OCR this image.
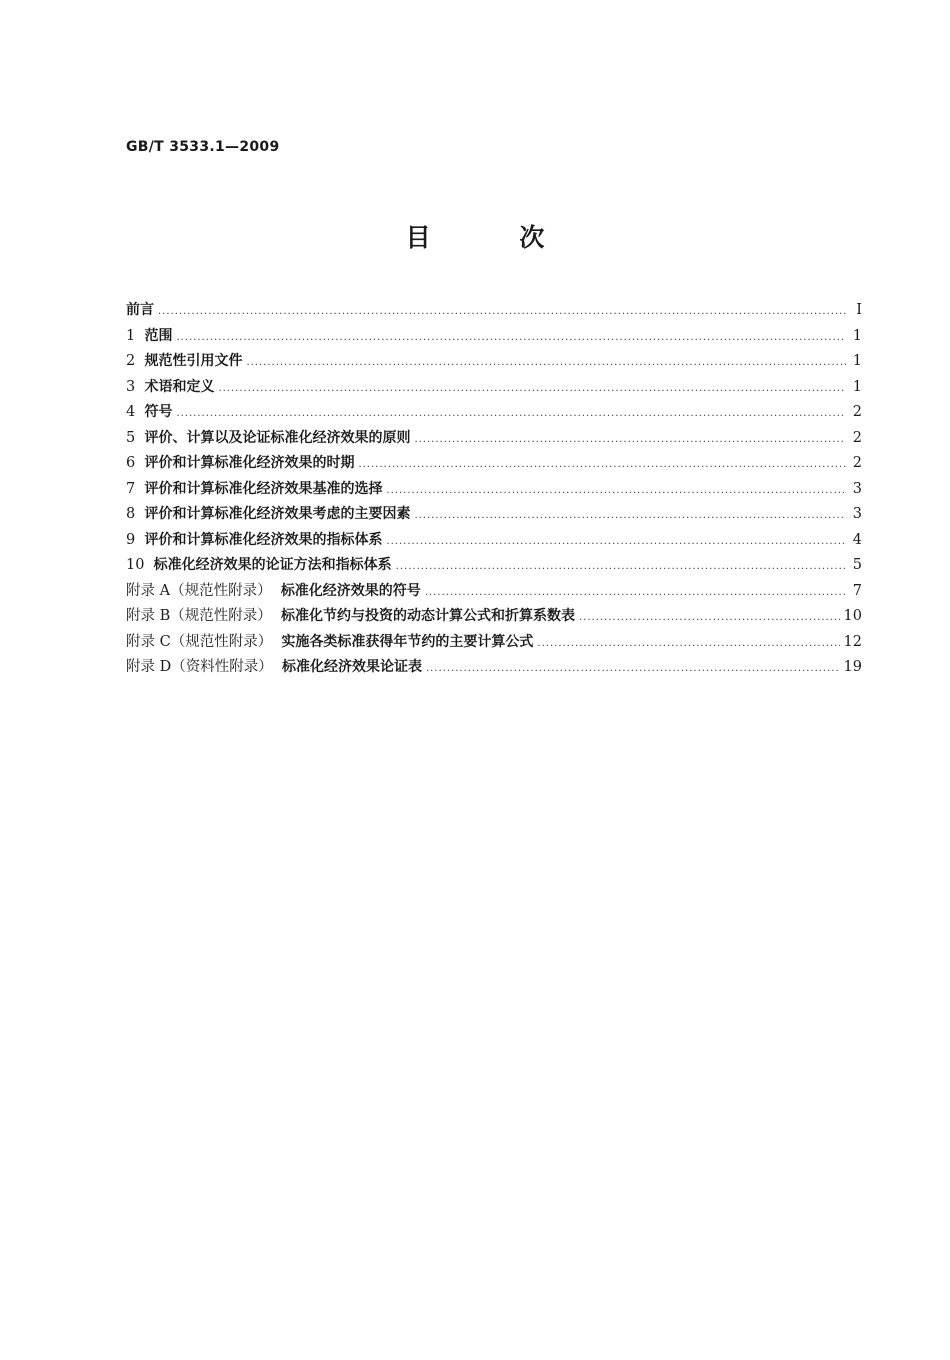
GB/T 3533.1—2009
目 次
前言 .....	Ⅰ
1 范围 .....	1
2 规范性引用文件 .....	1
3 术语和定义 .....	1
4 符号 .....	2
5 评价、计算以及论证标准化经济效果的原则 .....	2
6 评价和计算标准化经济效果的时期 .....	2
7 评价和计算标准化经济效果基准的选择 .....	3
8 评价和计算标准化经济效果考虑的主要因素 .....	3
9 评价和计算标准化经济效果的指标体系 .....	4
10 标准化经济效果的论证方法和指标体系 .....	5
附录 A（规范性附录） 标准化经济效果的符号 .....	7
附录 B（规范性附录） 标准化节约与投资的动态计算公式和折算系数表 .....	10
附录 C（规范性附录） 实施各类标准获得年节约的主要计算公式 .....	12
附录 D（资料性附录） 标准化经济效果论证表 .....	19
